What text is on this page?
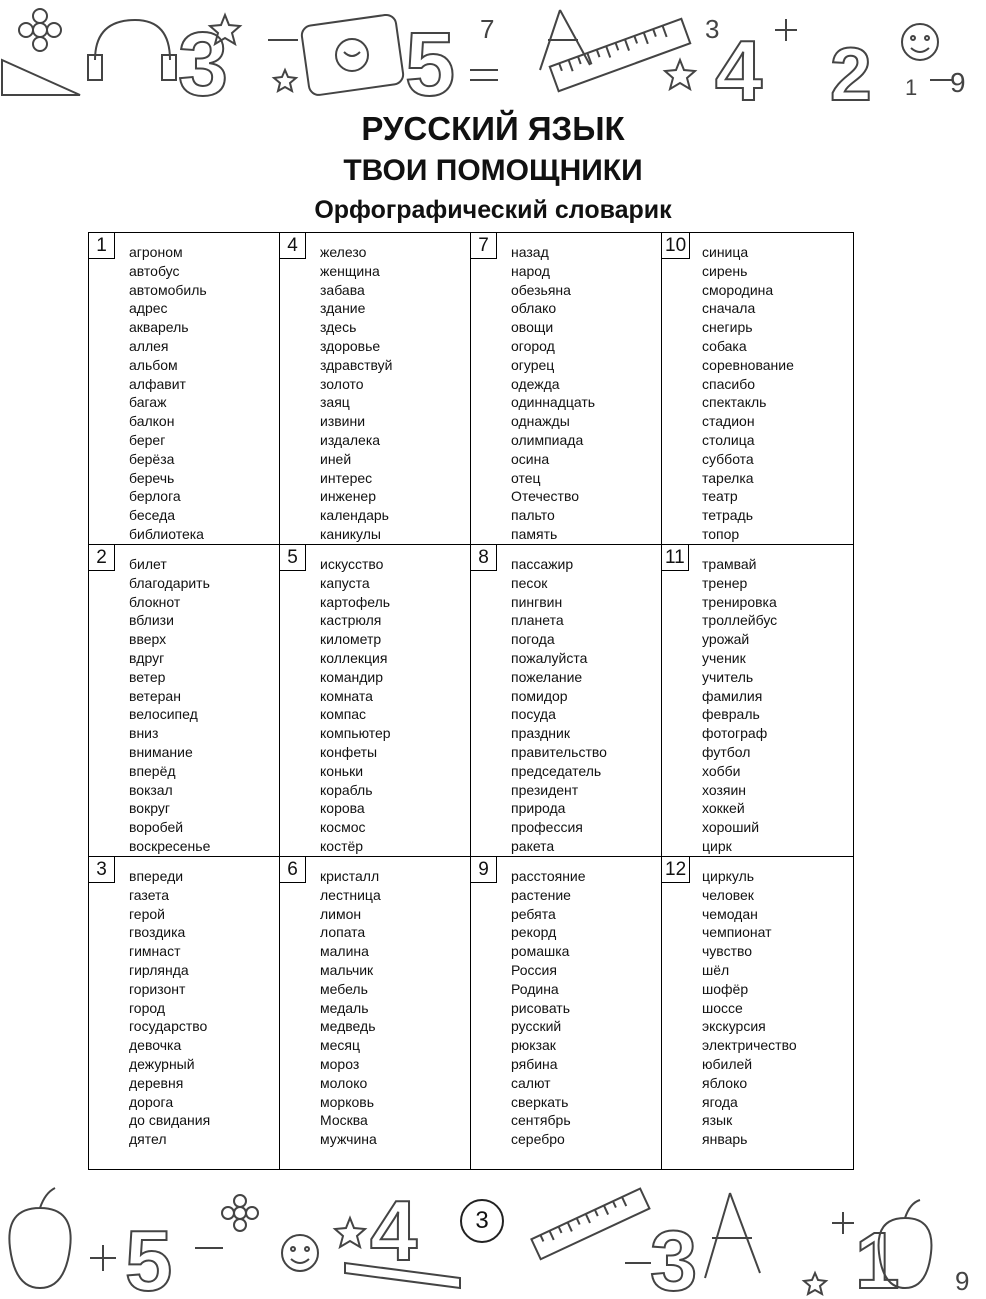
3 5	4 2
7
9
3
1
РУССКИЙ ЯЗЫК
ТВОИ ПОМОЩНИКИ
Орфографический словарик
1	агроном
автобус
автомобиль
адрес
акварель
аллея
альбом
алфавит
багаж
балкон
берег
берёза
беречь
берлога
беседа
библиотека
4	железо
женщина
забава
здание
здесь
здоровье
здравствуй
золото
заяц
извини
издалека
иней
интерес
инженер
календарь
каникулы
7	назад
народ
обезьяна
облако
овощи
огород
огурец
одежда
одиннадцать
однажды
олимпиада
осина
отец
Отечество
пальто
память
10 синица
сирень
смородина
сначала
снегирь
собака
соревнование
спасибо
спектакль
стадион
столица
суббота
тарелка
театр
тетрадь
топор
2	билет
благодарить
блокнот
вблизи
вверх
вдруг
ветер
ветеран
велосипед
вниз
внимание
вперёд
вокзал
вокруг
воробей
воскресенье
5	искусство
капуста
картофель
кастрюля
километр
коллекция
командир
комната
компас
компьютер
конфеты
коньки
корабль
корова
космос
костёр
8	пассажир
песок
пингвин
планета
погода
пожалуйста
пожелание
помидор
посуда
праздник
правительство
председатель
президент
природа
профессия
ракета
11 трамвай
тренер
тренировка
троллейбус
урожай
ученик
учитель
фамилия
февраль
фотограф
футбол
хобби
хозяин
хоккей
хороший
цирк
3	впереди
газета
герой
гвоздика
гимнаст
гирлянда
горизонт
город
государство
девочка
дежурный
деревня
дорога
до свидания
дятел
6	кристалл
лестница
лимон
лопата
малина
мальчик
мебель
медаль
медведь
месяц
мороз
молоко
морковь
Москва
мужчина
9	расстояние
растение
ребята
рекорд
ромашка
Россия
Родина
рисовать
русский
рюкзак
рябина
салют
сверкать
сентябрь
серебро
12 циркуль
человек
чемодан
чемпионат
чувство
шёл
шофёр
шоссе
экскурсия
электричество
юбилей
яблоко
ягода
язык
январь
5 4	3 1 9
3
